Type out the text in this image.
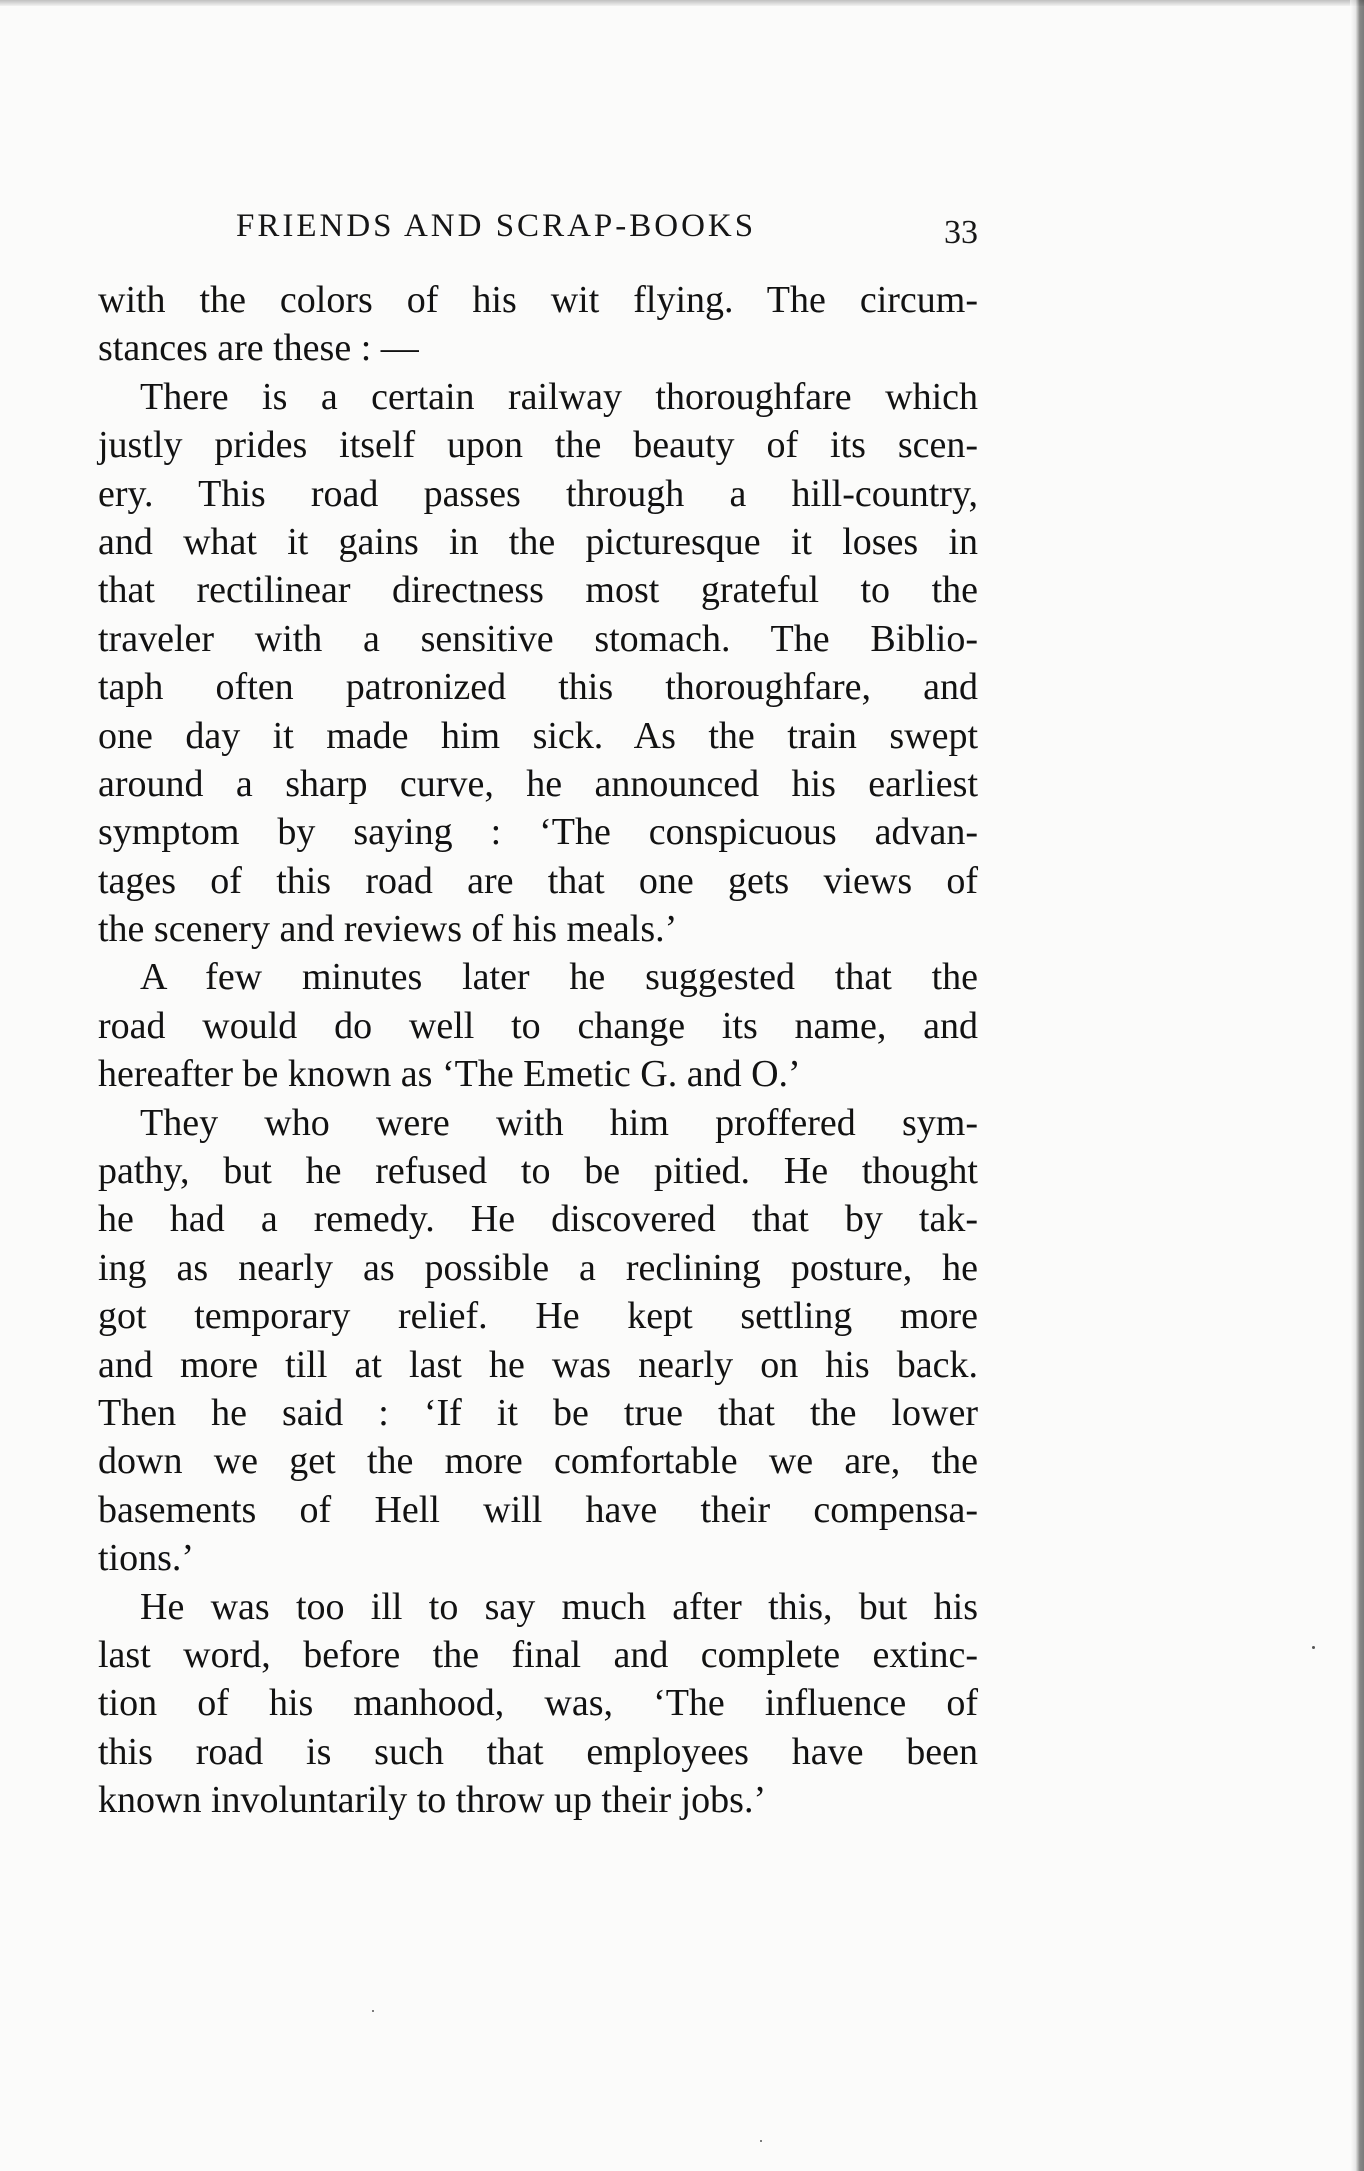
FRIENDS AND SCRAP-BOOKS	33
with the colors of his wit flying. The circum-
stances are these : —
There is a certain railway thoroughfare which
justly prides itself upon the beauty of its scen-
ery. This road passes through a hill-country,
and what it gains in the picturesque it loses in
that rectilinear directness most grateful to the
traveler with a sensitive stomach. The Biblio-
taph often patronized this thoroughfare, and
one day it made him sick. As the train swept
around a sharp curve, he announced his earliest
symptom by saying : ‘The conspicuous advan-
tages of this road are that one gets views of
the scenery and reviews of his meals.’
A few minutes later he suggested that the
road would do well to change its name, and
hereafter be known as ‘The Emetic G. and O.’
They who were with him proffered sym-
pathy, but he refused to be pitied. He thought
he had a remedy. He discovered that by tak-
ing as nearly as possible a reclining posture, he
got temporary relief. He kept settling more
and more till at last he was nearly on his back.
Then he said : ‘If it be true that the lower
down we get the more comfortable we are, the
basements of Hell will have their compensa-
tions.’
He was too ill to say much after this, but his
last word, before the final and complete extinc-
tion of his manhood, was, ‘The influence of
this road is such that employees have been
known involuntarily to throw up their jobs.’
